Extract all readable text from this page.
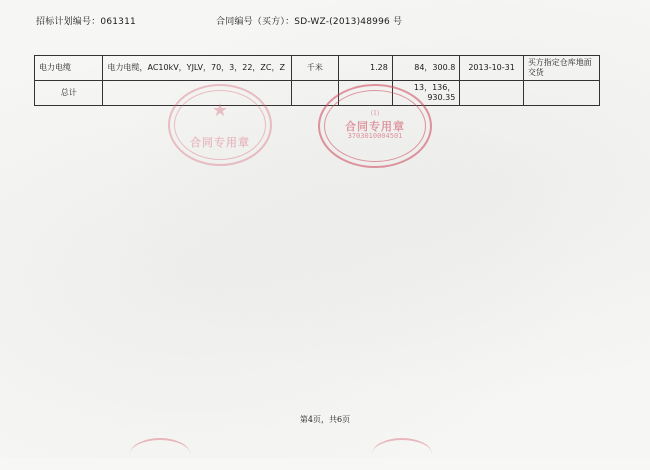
招标计划编号：061311	合同编号（买方）：SD-WZ-(2013)48996 号
电力电缆	电力电缆，AC10kV，YJLV，70，3，22，ZC，Z	千米	1.28	84，300.8	2013-10-31	买方指定仓库地面交货
总计				13，136，930.35		
★
合同专用章
(1)
合同专用章
3703010004501
第4页，共6页
